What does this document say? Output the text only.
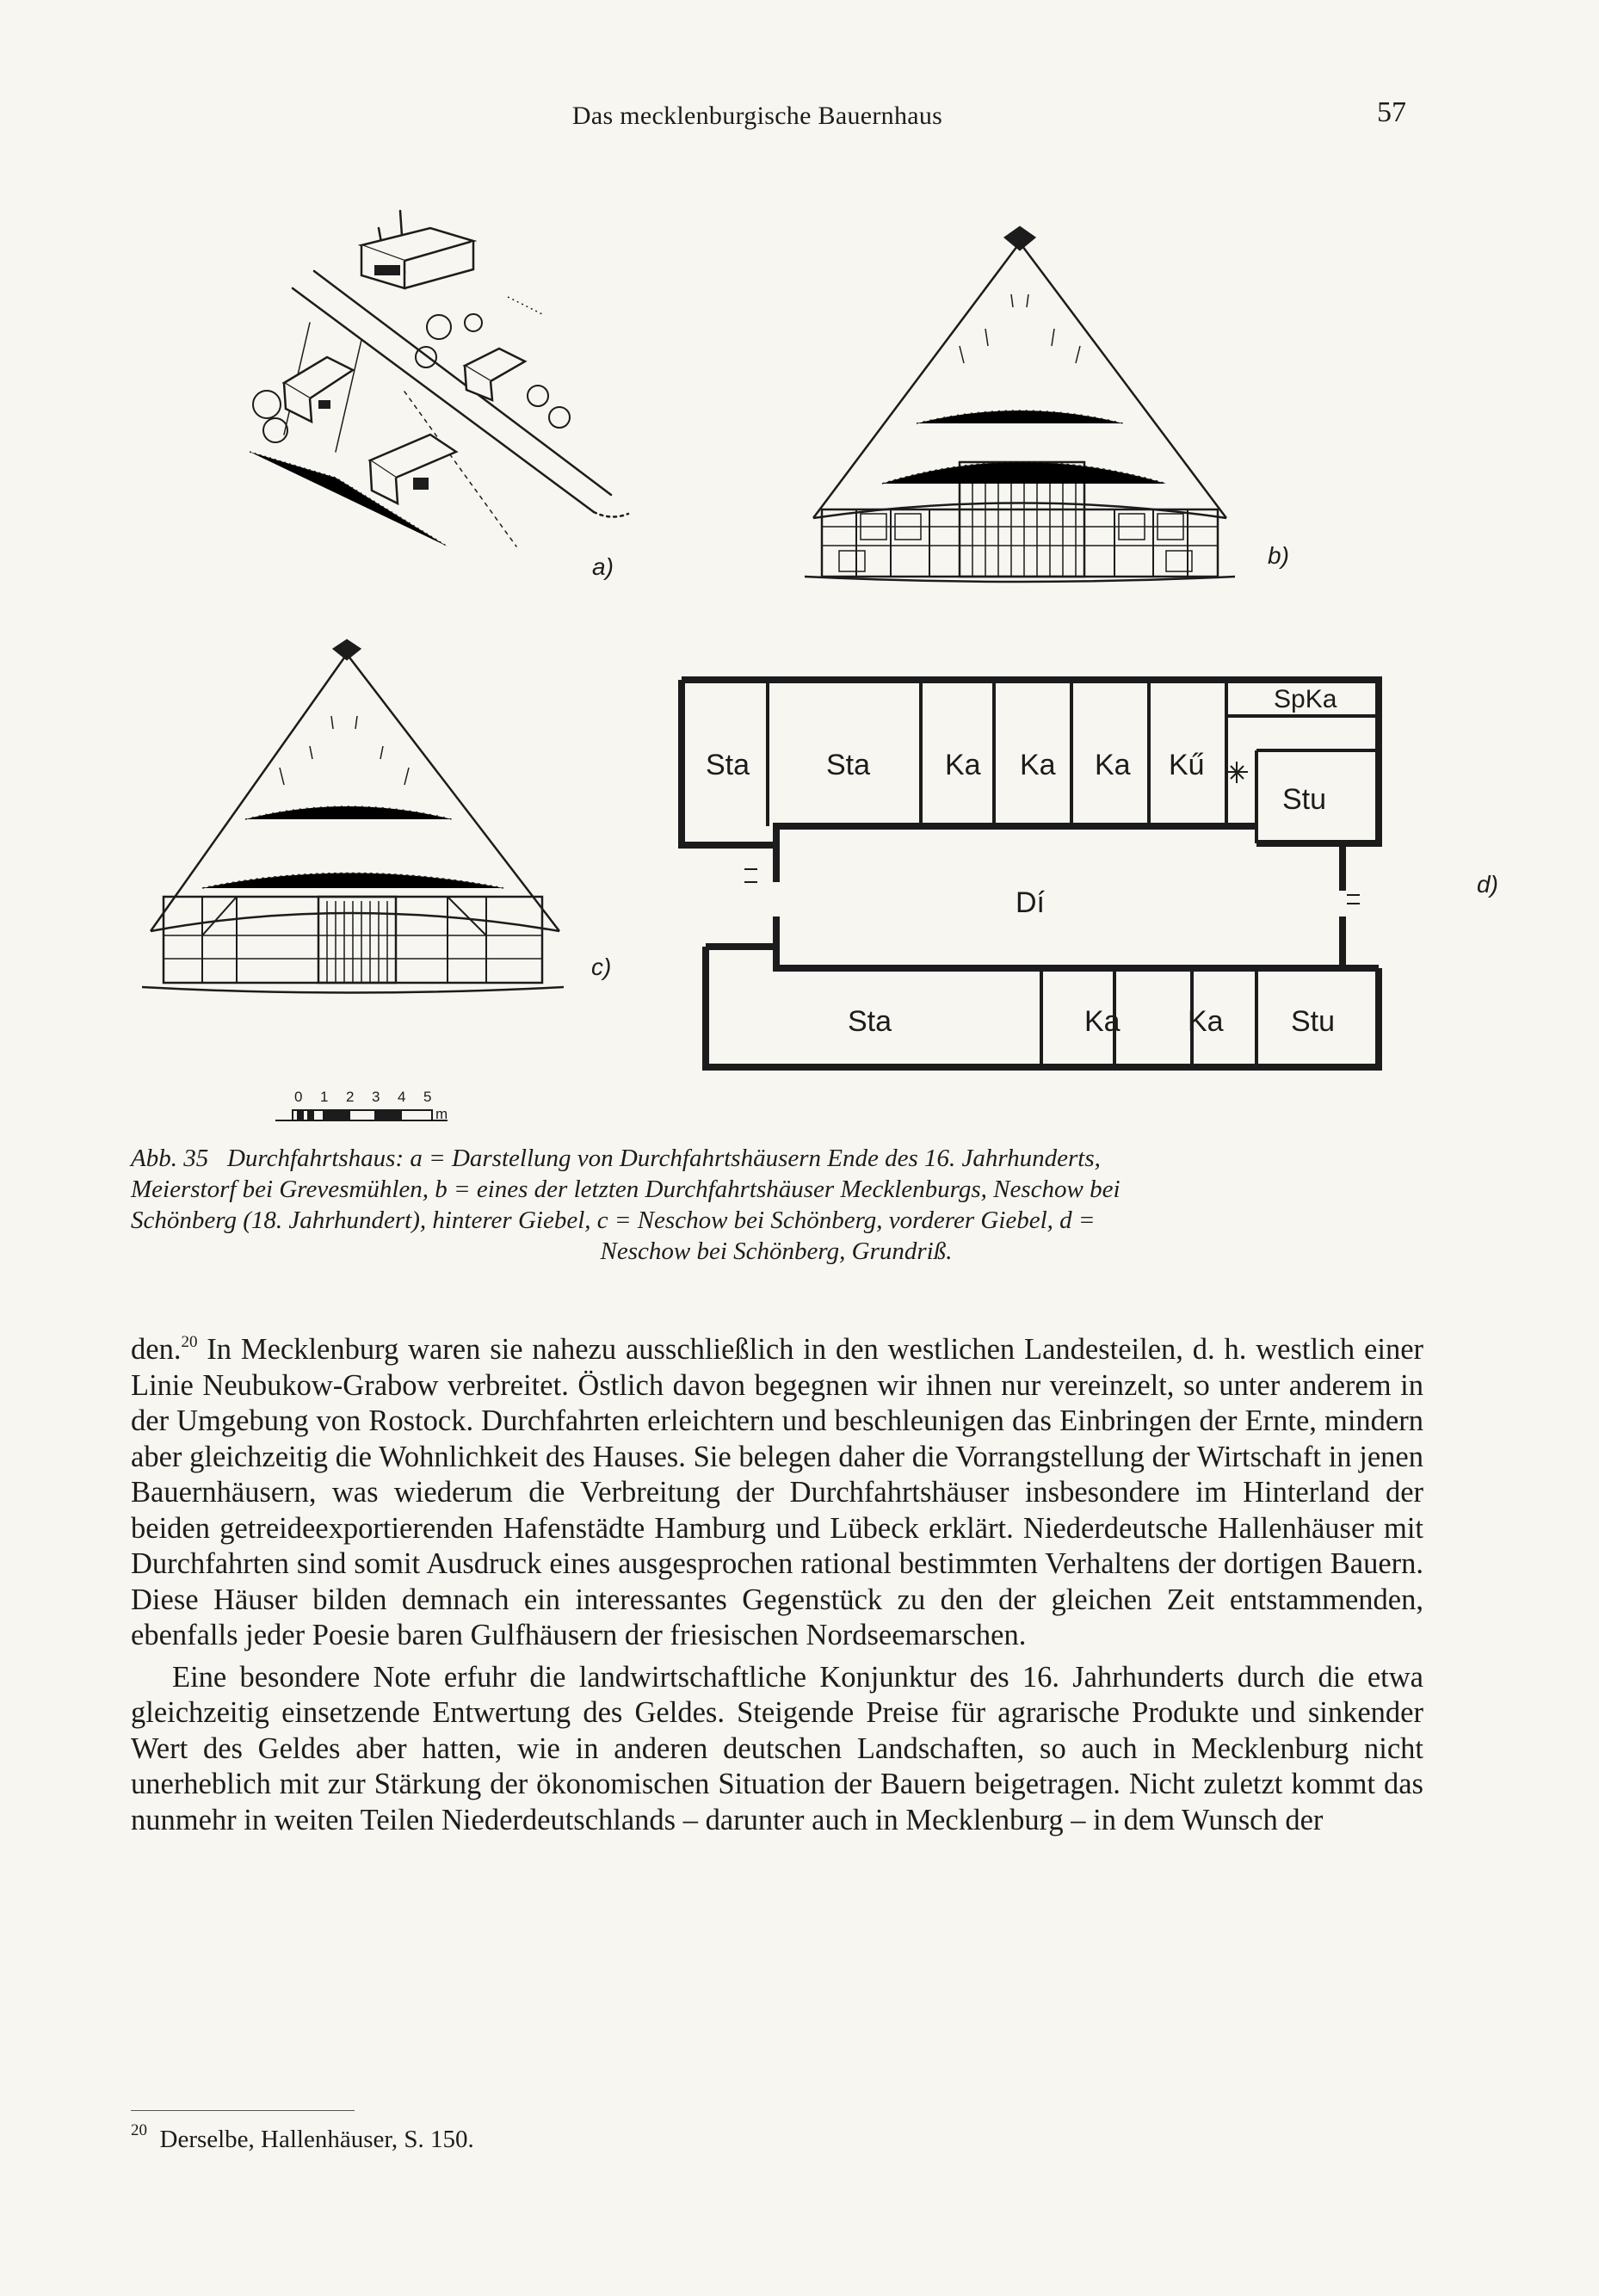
Das mecklenburgische Bauernhaus	57
a)	b)
c)
Sta	Sta	Ka Ka Ka Kű
SpKa
Stu
Dí
Sta	Ka Ka Stu
d)
0 1 2 3 4 5
m
Abb. 35 Durchfahrtshaus: a = Darstellung von Durchfahrtshäusern Ende des 16. Jahrhunderts,
Meierstorf bei Grevesmühlen, b = eines der letzten Durchfahrtshäuser Mecklenburgs, Neschow bei
Schönberg (18. Jahrhundert), hinterer Giebel, c = Neschow bei Schönberg, vorderer Giebel, d =
Neschow bei Schönberg, Grundriß.

den.$^{20}$ In Mecklenburg waren sie nahezu ausschließlich in den westlichen Landesteilen, d. h. westlich einer Linie Neubukow-Grabow verbreitet. Östlich davon begegnen wir ihnen nur vereinzelt, so unter anderem in der Umgebung von Rostock. Durchfahrten erleichtern und beschleunigen das Einbringen der Ernte, mindern aber gleichzeitig die Wohnlichkeit des Hauses. Sie belegen daher die Vorrangstellung der Wirtschaft in jenen Bauernhäusern, was wiederum die Verbreitung der Durchfahrtshäuser insbesondere im Hinterland der beiden getreideexportierenden Hafenstädte Hamburg und Lübeck erklärt. Niederdeutsche Hallenhäuser mit Durchfahrten sind somit Ausdruck eines ausgesprochen rational bestimmten Verhaltens der dortigen Bauern. Diese Häuser bilden demnach ein interessantes Gegenstück zu den der gleichen Zeit entstammenden, ebenfalls jeder Poesie baren Gulfhäusern der friesischen Nordseemarschen.

Eine besondere Note erfuhr die landwirtschaftliche Konjunktur des 16. Jahrhunderts durch die etwa gleichzeitig einsetzende Entwertung des Geldes. Steigende Preise für agrarische Produkte und sinkender Wert des Geldes aber hatten, wie in anderen deutschen Landschaften, so auch in Mecklenburg nicht unerheblich mit zur Stärkung der ökonomischen Situation der Bauern beigetragen. Nicht zuletzt kommt das nunmehr in weiten Teilen Niederdeutschlands – darunter auch in Mecklenburg – in dem Wunsch der

$^{20}$ Derselbe, Hallenhäuser, S. 150.
